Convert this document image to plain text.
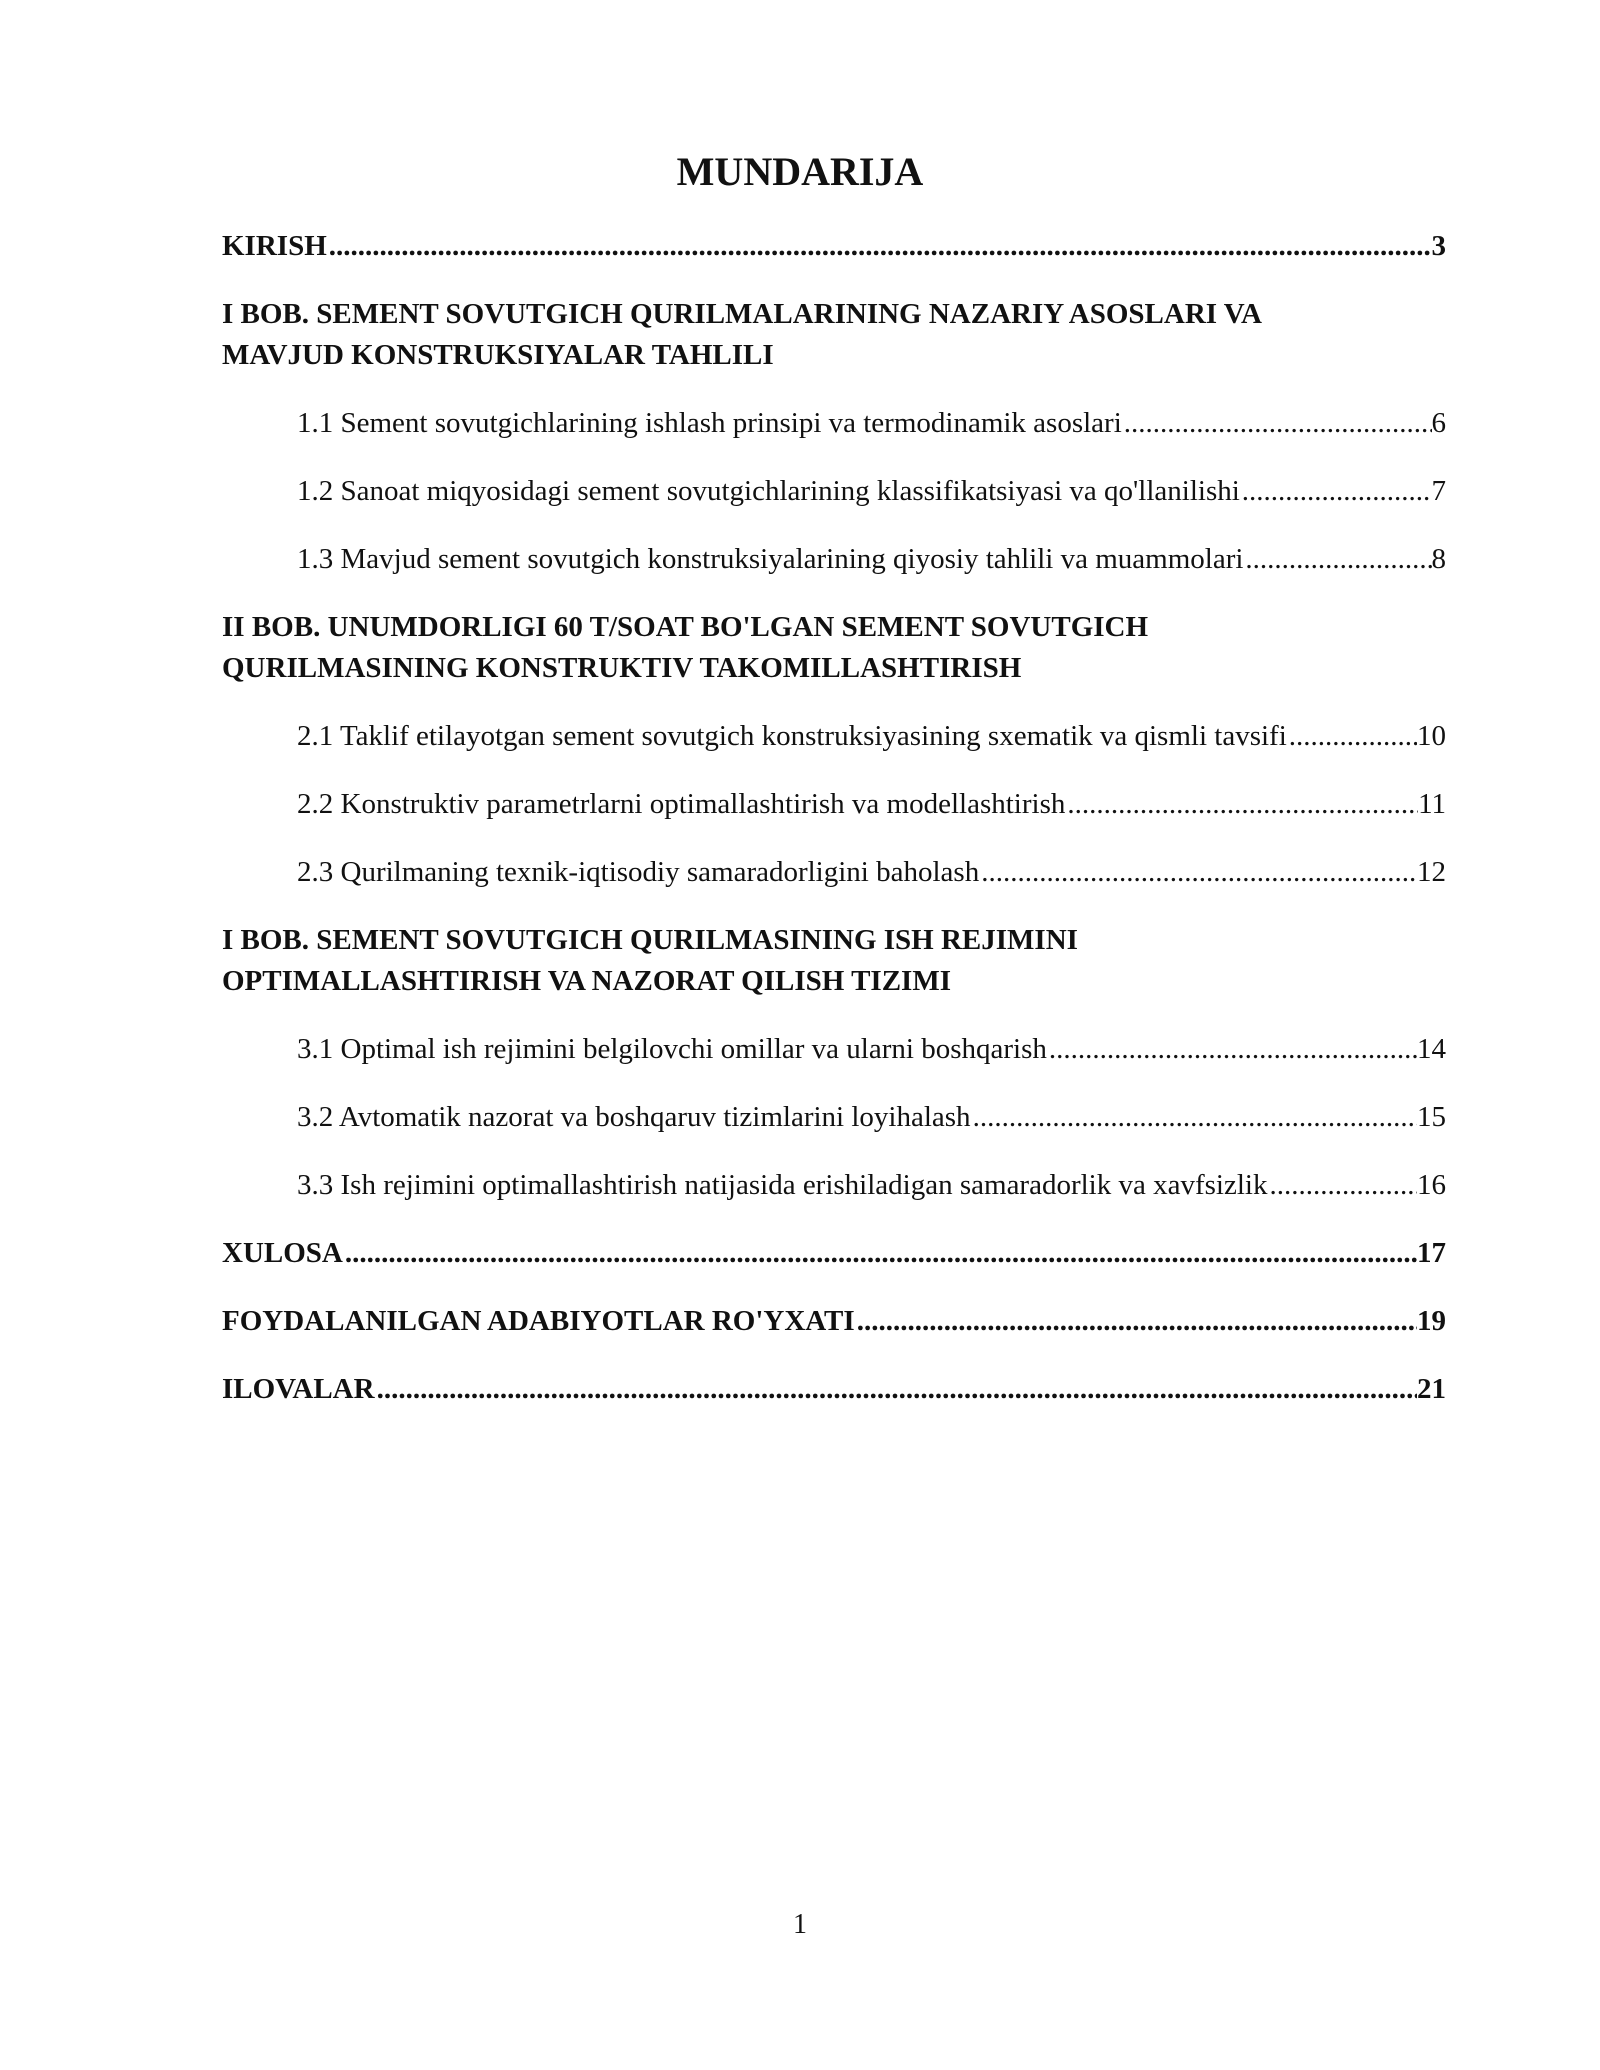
MUNDARIJA
KIRISH .....	3

I BOB. SEMENT SOVUTGICH QURILMALARINING NAZARIY ASOSLARI VA

MAVJUD KONSTRUKSIYALAR TAHLILI

1.1 Sement sovutgichlarining ishlash prinsipi va termodinamik asoslari .....	6
1.2 Sanoat miqyosidagi sement sovutgichlarining klassifikatsiyasi va qo'llanilishi .....	7
1.3 Mavjud sement sovutgich konstruksiyalarining qiyosiy tahlili va muammolari .....	8

II BOB. UNUMDORLIGI 60 T/SOAT BO'LGAN SEMENT SOVUTGICH

QURILMASINING KONSTRUKTIV TAKOMILLASHTIRISH

2.1 Taklif etilayotgan sement sovutgich konstruksiyasining sxematik va qismli tavsifi .....	10
2.2 Konstruktiv parametrlarni optimallashtirish va modellashtirish .....	11
2.3 Qurilmaning texnik-iqtisodiy samaradorligini baholash .....	12

I BOB. SEMENT SOVUTGICH QURILMASINING ISH REJIMINI

OPTIMALLASHTIRISH VA NAZORAT QILISH TIZIMI

3.1 Optimal ish rejimini belgilovchi omillar va ularni boshqarish .....	14
3.2 Avtomatik nazorat va boshqaruv tizimlarini loyihalash .....	15
3.3 Ish rejimini optimallashtirish natijasida erishiladigan samaradorlik va xavfsizlik .....	16
XULOSA .....	17
FOYDALANILGAN ADABIYOTLAR RO'YXATI .....	19
ILOVALAR .....	21
1
